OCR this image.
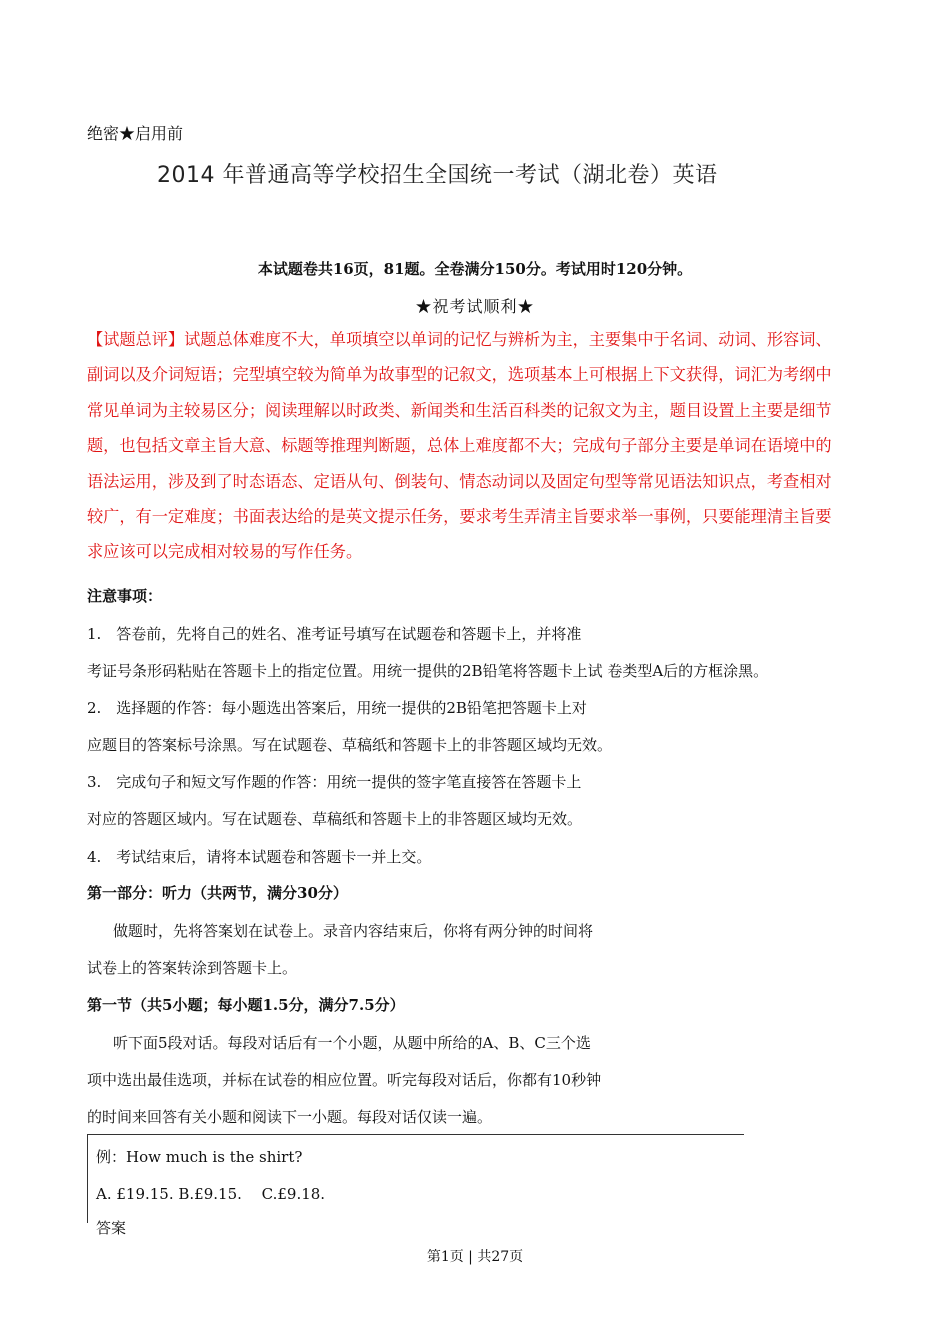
绝密★启用前
2014 年普通高等学校招生全国统一考试（湖北卷）英语
本试题卷共16页，81题。全卷满分150分。考试用时120分钟。
★祝考试顺利★
【试题总评】试题总体难度不大，单项填空以单词的记忆与辨析为主，主要集中于名词、动词、形容词、
副词以及介词短语；完型填空较为简单为故事型的记叙文，选项基本上可根据上下文获得，词汇为考纲中
常见单词为主较易区分；阅读理解以时政类、新闻类和生活百科类的记叙文为主，题目设置上主要是细节
题，也包括文章主旨大意、标题等推理判断题，总体上难度都不大；完成句子部分主要是单词在语境中的
语法运用，涉及到了时态语态、定语从句、倒装句、情态动词以及固定句型等常见语法知识点，考查相对
较广，有一定难度；书面表达给的是英文提示任务，要求考生弄清主旨要求举一事例，只要能理清主旨要
求应该可以完成相对较易的写作任务。
注意事项：
1.　答卷前，先将自己的姓名、准考证号填写在试题卷和答题卡上，并将准
考证号条形码粘贴在答题卡上的指定位置。用统一提供的2B铅笔将答题卡上试 卷类型A后的方框涂黑。
2.　选择题的作答：每小题选出答案后，用统一提供的2B铅笔把答题卡上对
应题目的答案标号涂黑。写在试题卷、草稿纸和答题卡上的非答题区域均无效。
3.　完成句子和短文写作题的作答：用统一提供的签字笔直接答在答题卡上
对应的答题区域内。写在试题卷、草稿纸和答题卡上的非答题区域均无效。
4.　考试结束后，请将本试题卷和答题卡一并上交。
第一部分：听力（共两节，满分30分）
做题时，先将答案划在试卷上。录音内容结束后，你将有两分钟的时间将
试卷上的答案转涂到答题卡上。
第一节（共5小题；每小题1.5分，满分7.5分）
听下面5段对话。每段对话后有一个小题，从题中所给的A、B、C三个选
项中选出最佳选项，并标在试卷的相应位置。听完每段对话后，你都有10秒钟
的时间来回答有关小题和阅读下一小题。每段对话仅读一遍。
例：How much is the shirt?
A. £19.15. B.£9.15.　 C.£9.18.
答案
第1页 | 共27页
